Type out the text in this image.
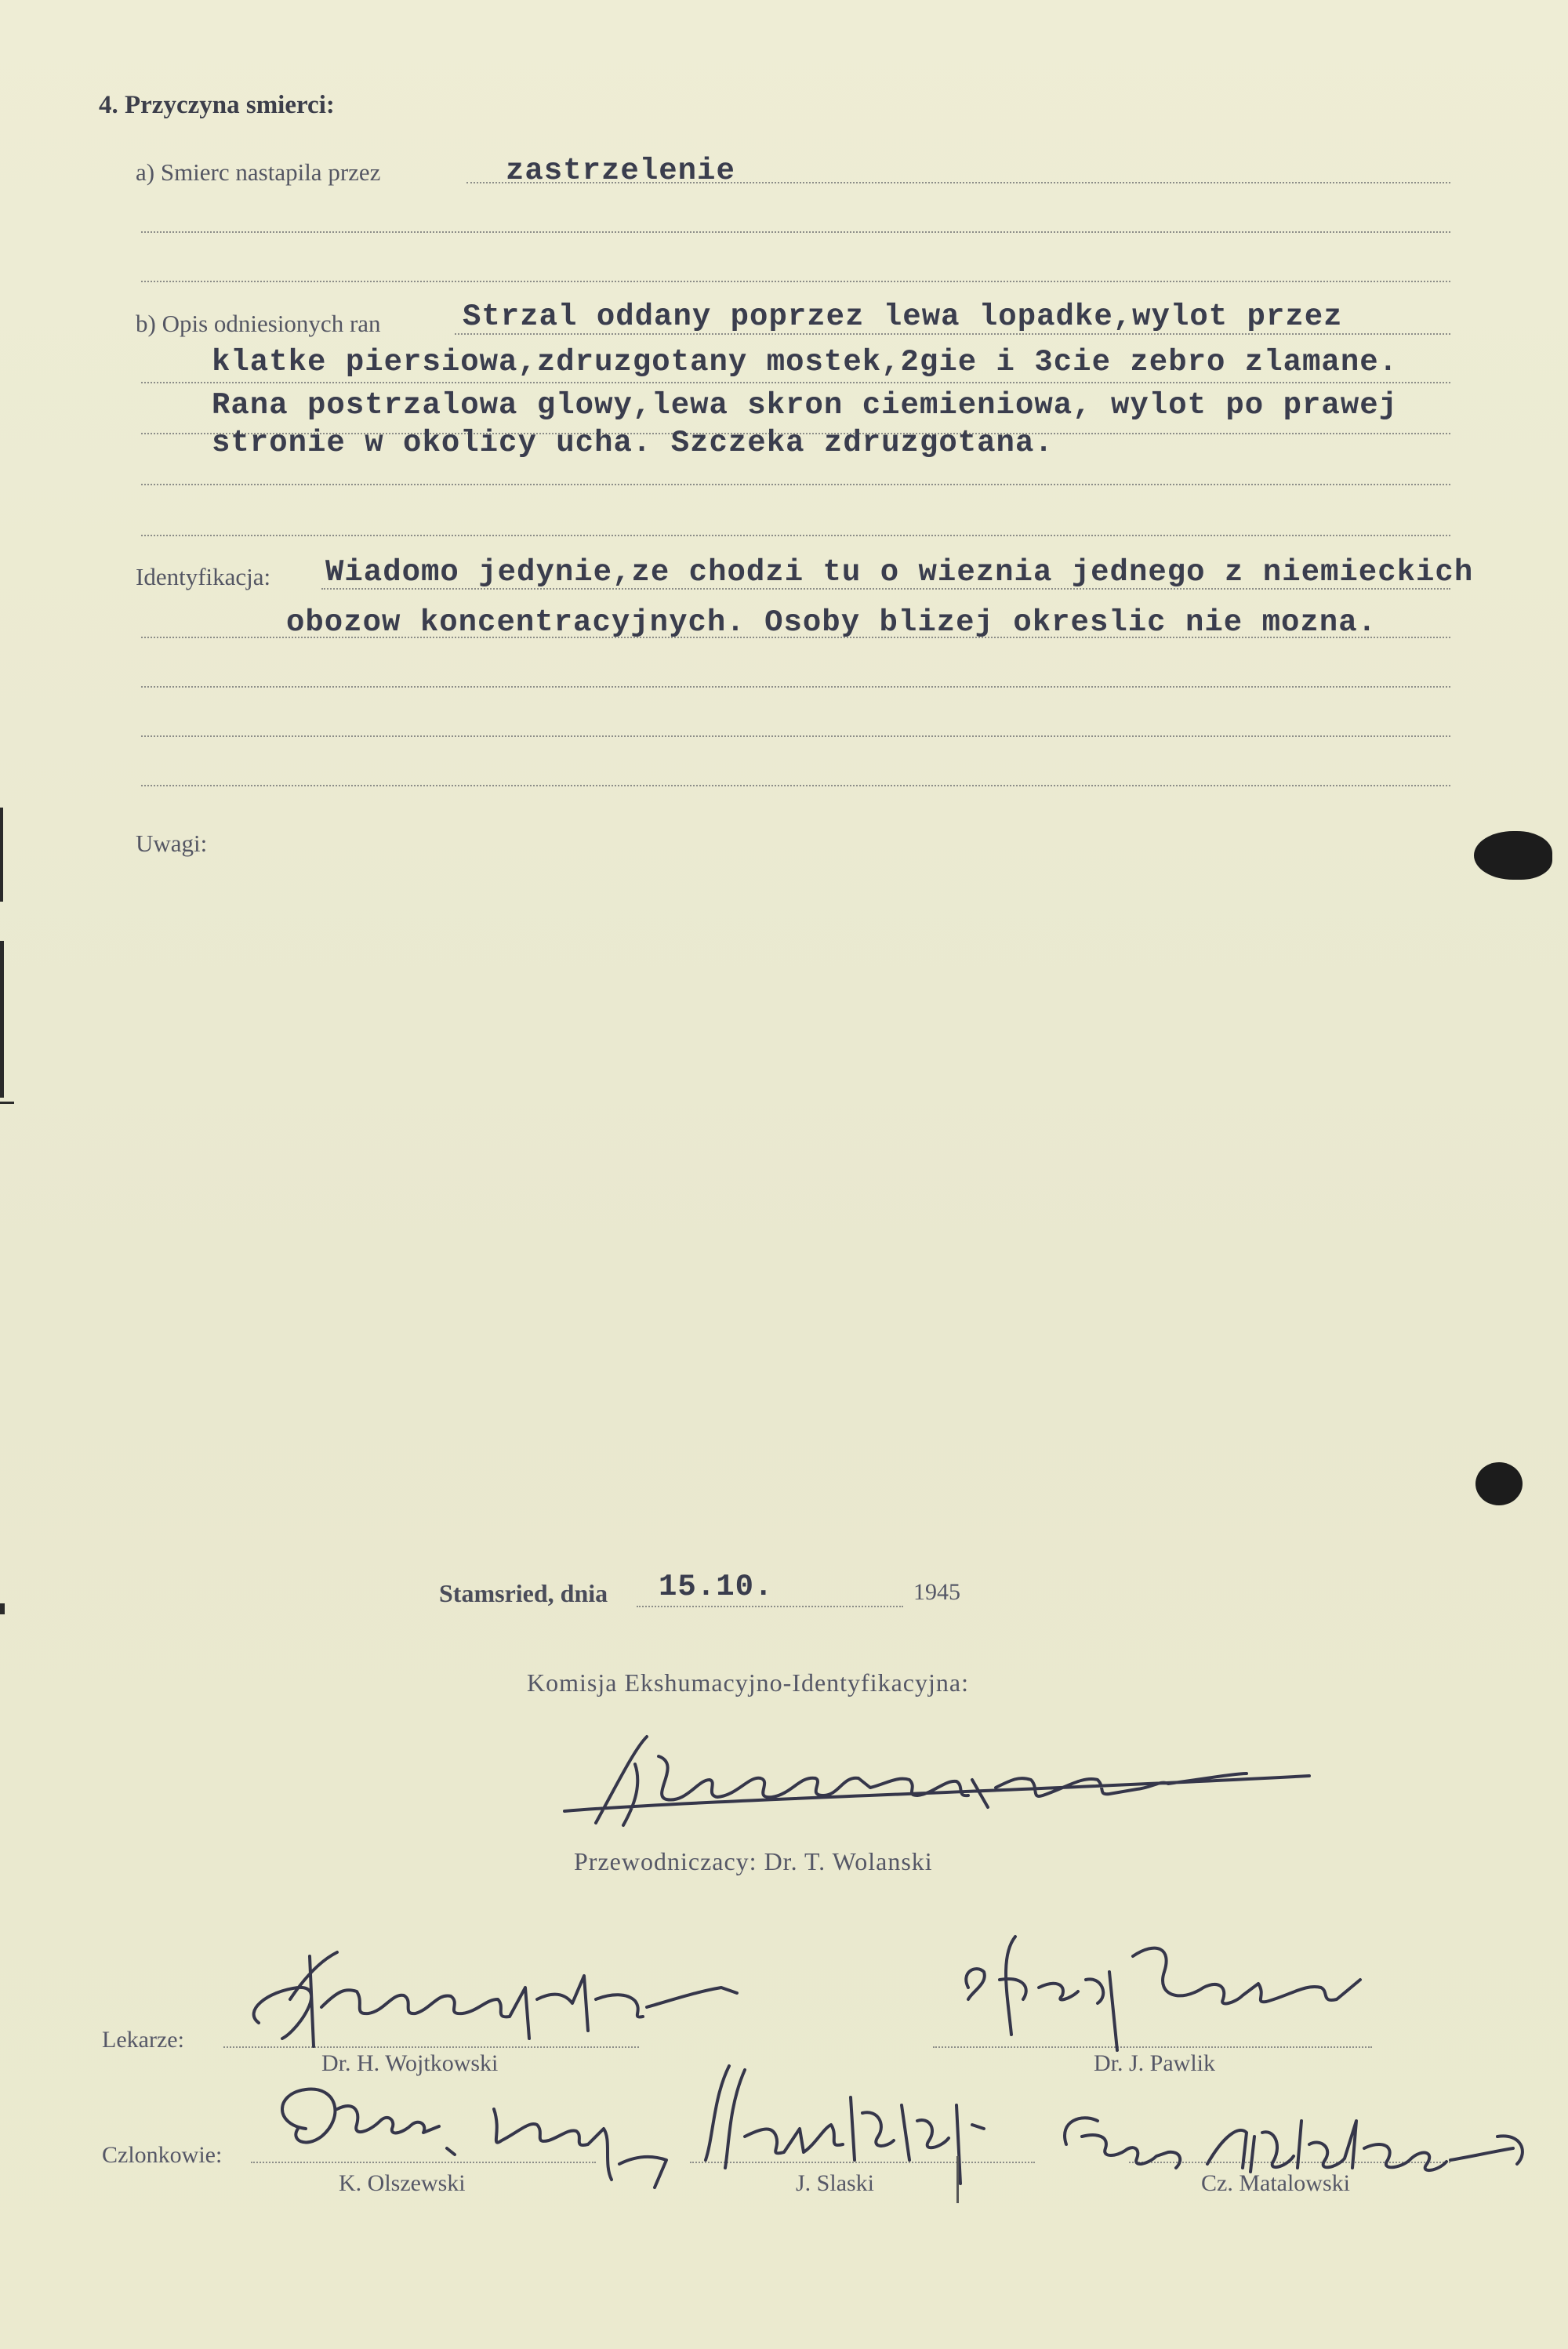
4. Przyczyna smierci:
a) Smierc nastapila przez	zastrzelenie
b) Opis odniesionych ran	Strzal oddany poprzez lewa lopadke,wylot przez
klatke piersiowa,zdruzgotany mostek,2gie i 3cie zebro zlamane.
Rana postrzalowa glowy,lewa skron ciemieniowa, wylot po prawej
stronie w okolicy ucha. Szczeka zdruzgotana.
Identyfikacja: Wiadomo jedynie,ze chodzi tu o wieznia jednego z niemieckich
obozow koncentracyjnych. Osoby blizej okreslic nie mozna.
Uwagi:
Stamsried, dnia 15.10.	1945
Komisja Ekshumacyjno-Identyfikacyjna:
Przewodniczacy: Dr. T. Wolanski
Lekarze:
Dr. H. Wojtkowski	Dr. J. Pawlik
Czlonkowie:
K. Olszewski	J. Slaski	Cz. Matalowski
